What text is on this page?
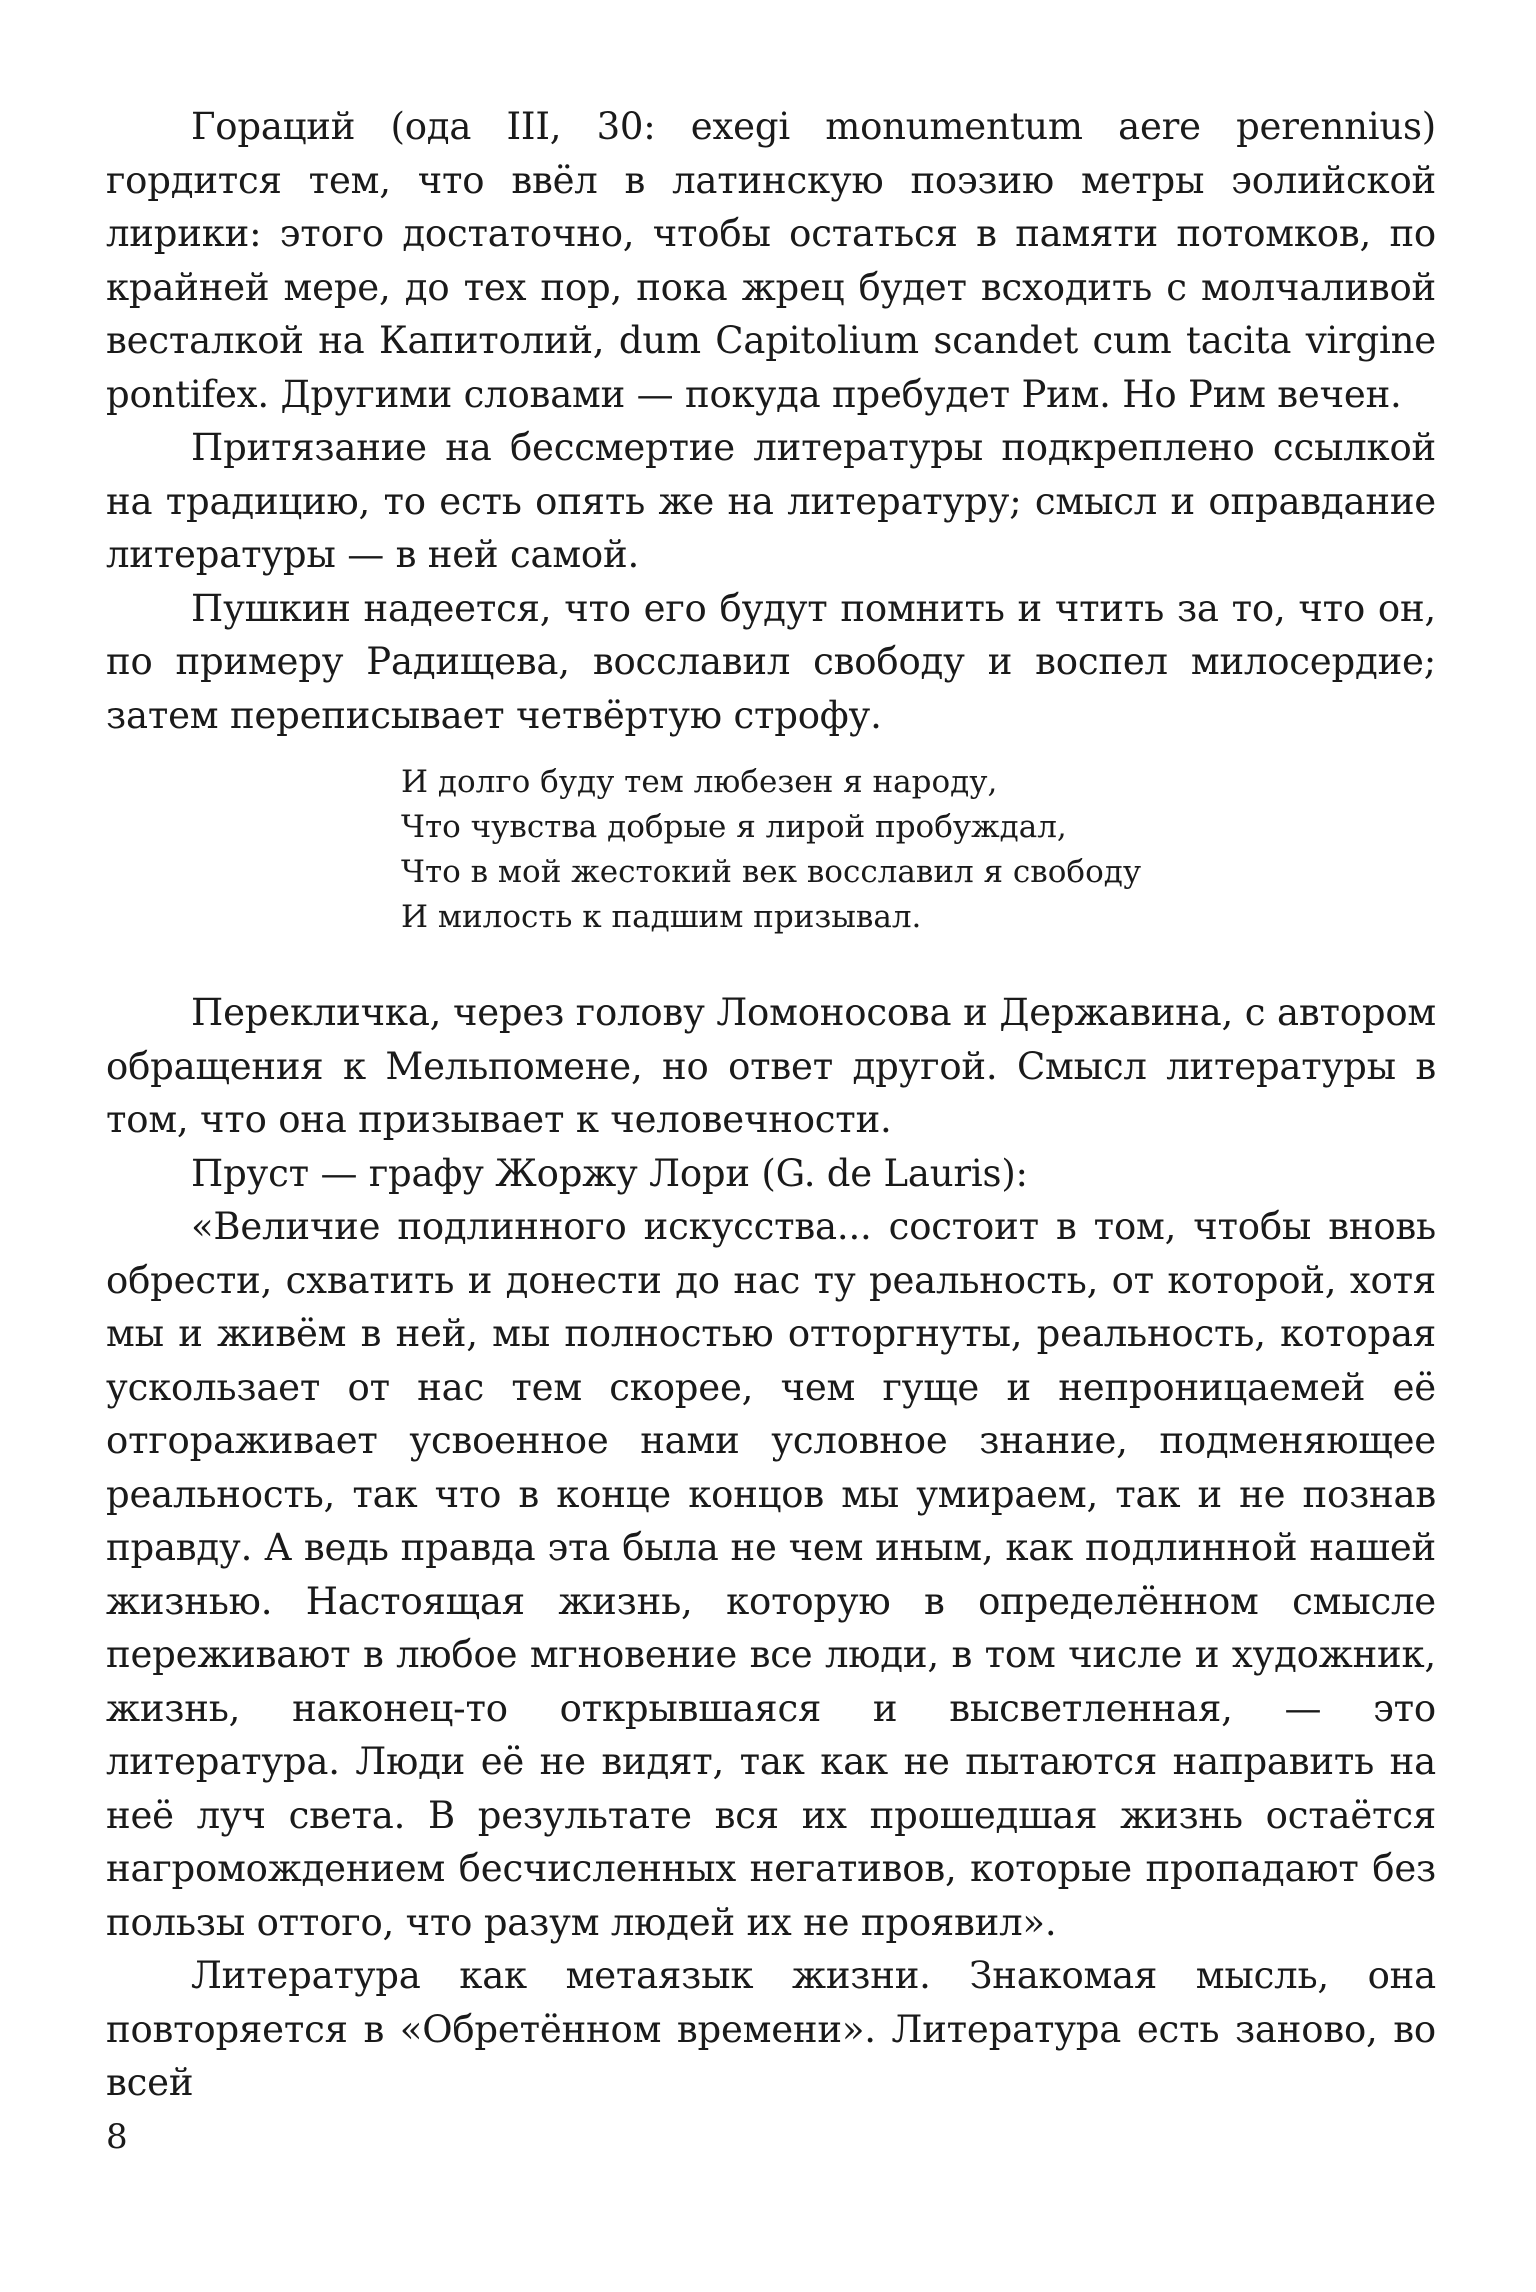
Гораций (ода III, 30: exegi monumentum aere perennius) гордится тем, что ввёл в латинскую поэзию метры эолийской лирики: этого достаточно, чтобы остаться в памяти потомков, по крайней мере, до тех пор, пока жрец будет всходить с молчаливой весталкой на Капитолий, dum Capitolium scandet cum tacita virgine pontifex. Другими словами — покуда пребудет Рим. Но Рим вечен.

Притязание на бессмертие литературы подкреплено ссылкой на традицию, то есть опять же на литературу; смысл и оправдание литературы — в ней самой.

Пушкин надеется, что его будут помнить и чтить за то, что он, по примеру Радищева, восславил свободу и воспел милосердие; затем переписывает четвёртую строфу.

И долго буду тем любезен я народу,
Что чувства добрые я лирой пробуждал,
Что в мой жестокий век восславил я свободу
И милость к падшим призывал.

Перекличка, через голову Ломоносова и Державина, с автором обращения к Мельпомене, но ответ другой. Смысл литературы в том, что она призывает к человечности.

Пруст — графу Жоржу Лори (G. de Lauris):

«Величие подлинного искусства... состоит в том, чтобы вновь обрести, схватить и донести до нас ту реальность, от которой, хотя мы и живём в ней, мы полностью отторгнуты, реальность, которая ускользает от нас тем скорее, чем гуще и непроницаемей её отгораживает усвоенное нами условное знание, подменяющее реальность, так что в конце концов мы умираем, так и не познав правду. А ведь правда эта была не чем иным, как подлинной нашей жизнью. Настоящая жизнь, которую в определённом смысле переживают в любое мгновение все люди, в том числе и художник, жизнь, наконец-то открывшаяся и высветленная, — это литература. Люди её не видят, так как не пытаются направить на неё луч света. В результате вся их прошедшая жизнь остаётся нагромождением бесчисленных негативов, которые пропадают без пользы оттого, что разум людей их не проявил».

Литература как метаязык жизни. Знакомая мысль, она повторяется в «Обретённом времени». Литература есть заново, во всей

8
